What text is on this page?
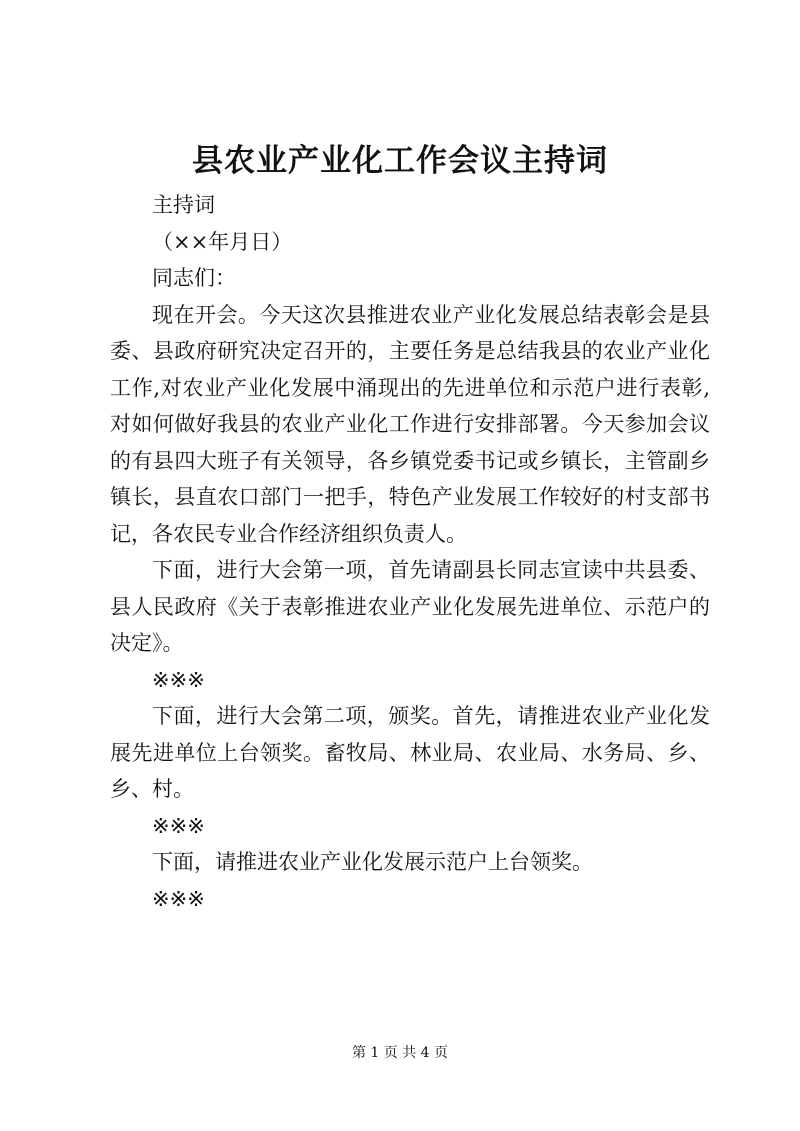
县农业产业化工作会议主持词

主持词

（××年月日）

同志们：

现在开会。今天这次县推进农业产业化发展总结表彰会是县委、县政府研究决定召开的，主要任务是总结我县的农业产业化工作,对农业产业化发展中涌现出的先进单位和示范户进行表彰,对如何做好我县的农业产业化工作进行安排部署。今天参加会议的有县四大班子有关领导，各乡镇党委书记或乡镇长，主管副乡镇长，县直农口部门一把手，特色产业发展工作较好的村支部书记，各农民专业合作经济组织负责人。

下面，进行大会第一项，首先请副县长同志宣读中共县委、县人民政府《关于表彰推进农业产业化发展先进单位、示范户的决定》。

※※※

下面，进行大会第二项，颁奖。首先，请推进农业产业化发展先进单位上台领奖。畜牧局、林业局、农业局、水务局、乡、乡、村。

※※※

下面，请推进农业产业化发展示范户上台领奖。

※※※

第 1 页 共 4 页
